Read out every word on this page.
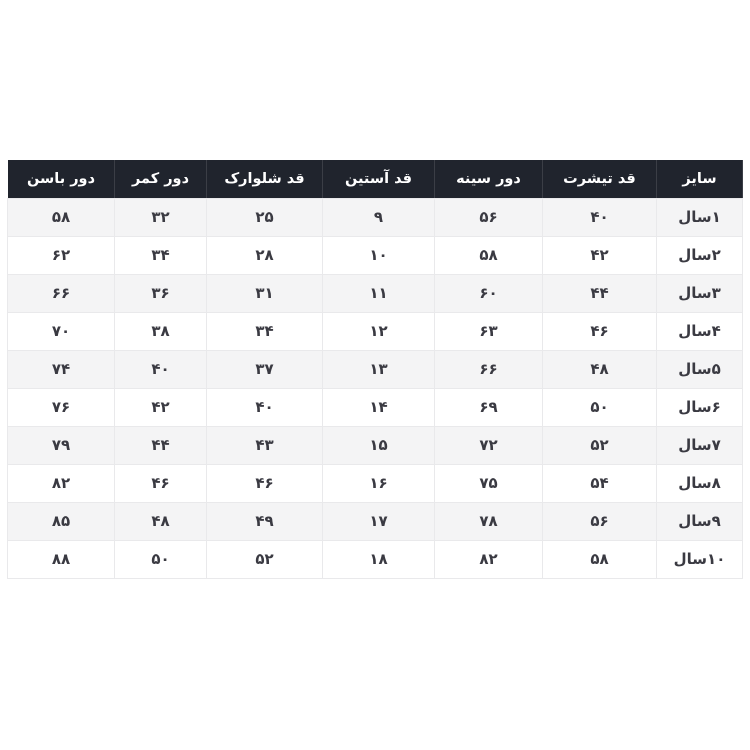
سایز	قد تیشرت	دور سینه	قد آستین	قد شلوارک	دور کمر	دور باسن
۱سال	۴۰	۵۶	۹	۲۵	۳۲	۵۸
۲سال	۴۲	۵۸	۱۰	۲۸	۳۴	۶۲
۳سال	۴۴	۶۰	۱۱	۳۱	۳۶	۶۶
۴سال	۴۶	۶۳	۱۲	۳۴	۳۸	۷۰
۵سال	۴۸	۶۶	۱۳	۳۷	۴۰	۷۴
۶سال	۵۰	۶۹	۱۴	۴۰	۴۲	۷۶
۷سال	۵۲	۷۲	۱۵	۴۳	۴۴	۷۹
۸سال	۵۴	۷۵	۱۶	۴۶	۴۶	۸۲
۹سال	۵۶	۷۸	۱۷	۴۹	۴۸	۸۵
۱۰سال	۵۸	۸۲	۱۸	۵۲	۵۰	۸۸
